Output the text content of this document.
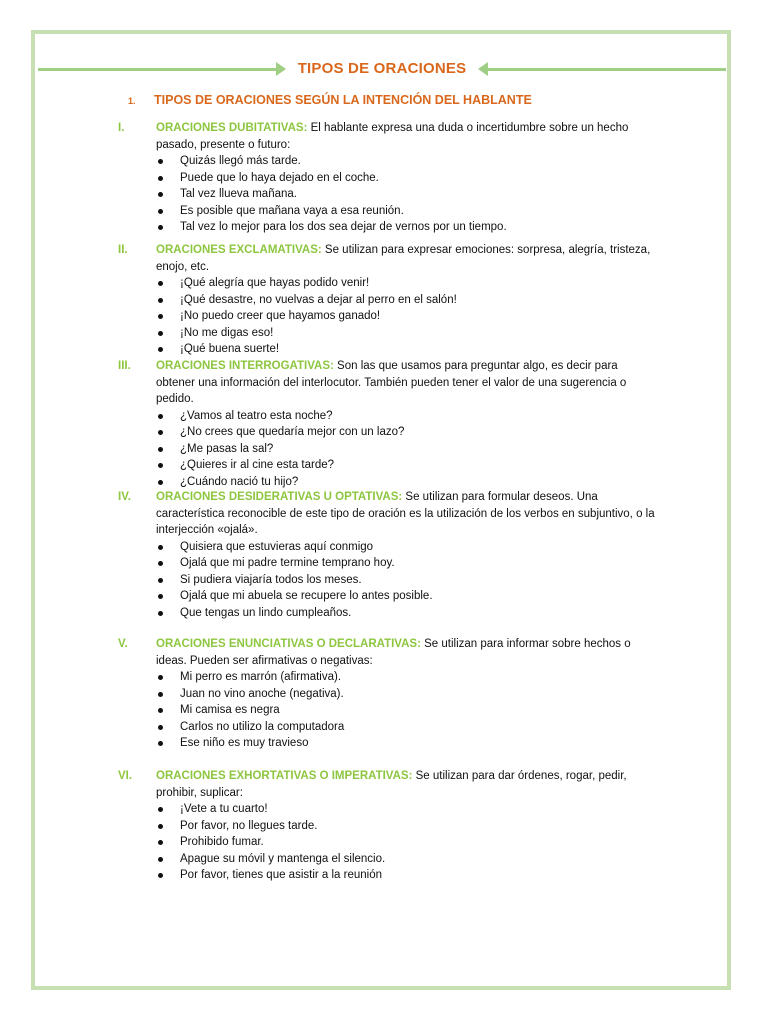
TIPOS DE ORACIONES
1. TIPOS DE ORACIONES SEGÚN LA INTENCIÓN DEL HABLANTE
I.	ORACIONES DUBITATIVAS: El hablante expresa una duda o incertidumbre sobre un hecho pasado, presente o futuro:
Quizás llegó más tarde.
Puede que lo haya dejado en el coche.
Tal vez llueva mañana.
Es posible que mañana vaya a esa reunión.
Tal vez lo mejor para los dos sea dejar de vernos por un tiempo.
II.	ORACIONES EXCLAMATIVAS: Se utilizan para expresar emociones: sorpresa, alegría, tristeza, enojo, etc.
¡Qué alegría que hayas podido venir!
¡Qué desastre, no vuelvas a dejar al perro en el salón!
¡No puedo creer que hayamos ganado!
¡No me digas eso!
¡Qué buena suerte!
III.	ORACIONES INTERROGATIVAS: Son las que usamos para preguntar algo, es decir para obtener una información del interlocutor. También pueden tener el valor de una sugerencia o pedido.
¿Vamos al teatro esta noche?
¿No crees que quedaría mejor con un lazo?
¿Me pasas la sal?
¿Quieres ir al cine esta tarde?
¿Cuándo nació tu hijo?
IV.	ORACIONES DESIDERATIVAS U OPTATIVAS: Se utilizan para formular deseos. Una característica reconocible de este tipo de oración es la utilización de los verbos en subjuntivo, o la interjección «ojalá».
Quisiera que estuvieras aquí conmigo
Ojalá que mi padre termine temprano hoy.
Si pudiera viajaría todos los meses.
Ojalá que mi abuela se recupere lo antes posible.
Que tengas un lindo cumpleaños.
V.	ORACIONES ENUNCIATIVAS O DECLARATIVAS: Se utilizan para informar sobre hechos o ideas. Pueden ser afirmativas o negativas:
Mi perro es marrón (afirmativa).
Juan no vino anoche (negativa).
Mi camisa es negra
Carlos no utilizo la computadora
Ese niño es muy travieso
VI.	ORACIONES EXHORTATIVAS O IMPERATIVAS: Se utilizan para dar órdenes, rogar, pedir, prohibir, suplicar:
¡Vete a tu cuarto!
Por favor, no llegues tarde.
Prohibido fumar.
Apague su móvil y mantenga el silencio.
Por favor, tienes que asistir a la reunión
